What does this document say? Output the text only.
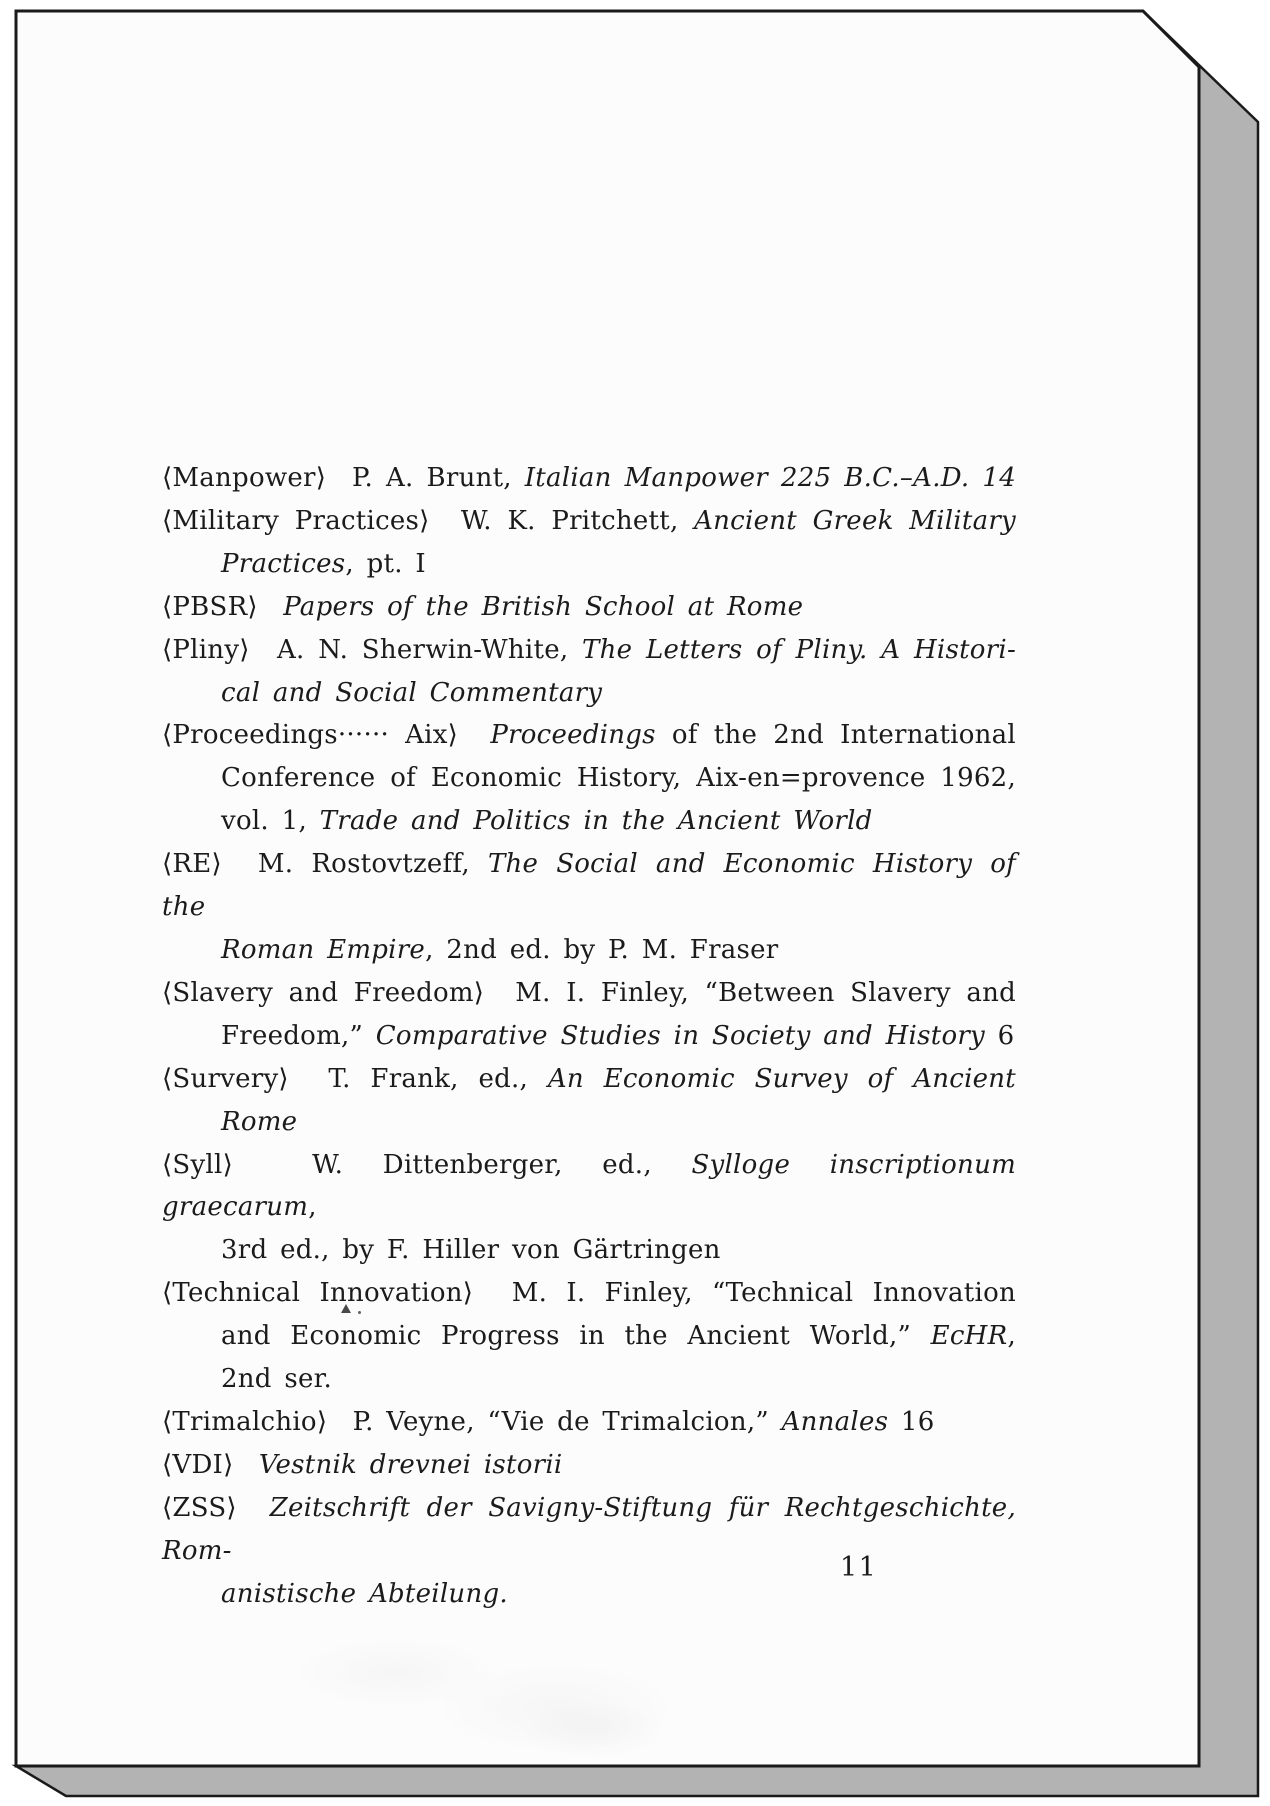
⟨Manpower⟩  P. A. Brunt, Italian Manpower 225 B.C.–A.D. 14
⟨Military Practices⟩  W. K. Pritchett, Ancient Greek Military
Practices, pt. I
⟨PBSR⟩  Papers of the British School at Rome
⟨Pliny⟩  A. N. Sherwin-White, The Letters of Pliny. A Histori-
cal and Social Commentary
⟨Proceedings······ Aix⟩  Proceedings of the 2nd International
Conference of Economic History, Aix-en=provence 1962,
vol. 1, Trade and Politics in the Ancient World
⟨RE⟩  M. Rostovtzeff, The Social and Economic History of the
Roman Empire, 2nd ed. by P. M. Fraser
⟨Slavery and Freedom⟩  M. I. Finley, “Between Slavery and
Freedom,” Comparative Studies in Society and History 6
⟨Survery⟩  T. Frank, ed., An Economic Survey of Ancient
Rome
⟨Syll⟩  W. Dittenberger, ed., Sylloge inscriptionum graecarum,
3rd ed., by F. Hiller von Gärtringen
⟨Technical Innovation⟩  M. I. Finley, “Technical Innovation
and Economic Progress in the Ancient World,” EcHR,
2nd ser.
⟨Trimalchio⟩  P. Veyne, “Vie de Trimalcion,” Annales 16
⟨VDI⟩  Vestnik drevnei istorii
⟨ZSS⟩  Zeitschrift der Savigny-Stiftung für Rechtgeschichte, Rom-
anistische Abteilung.
11
